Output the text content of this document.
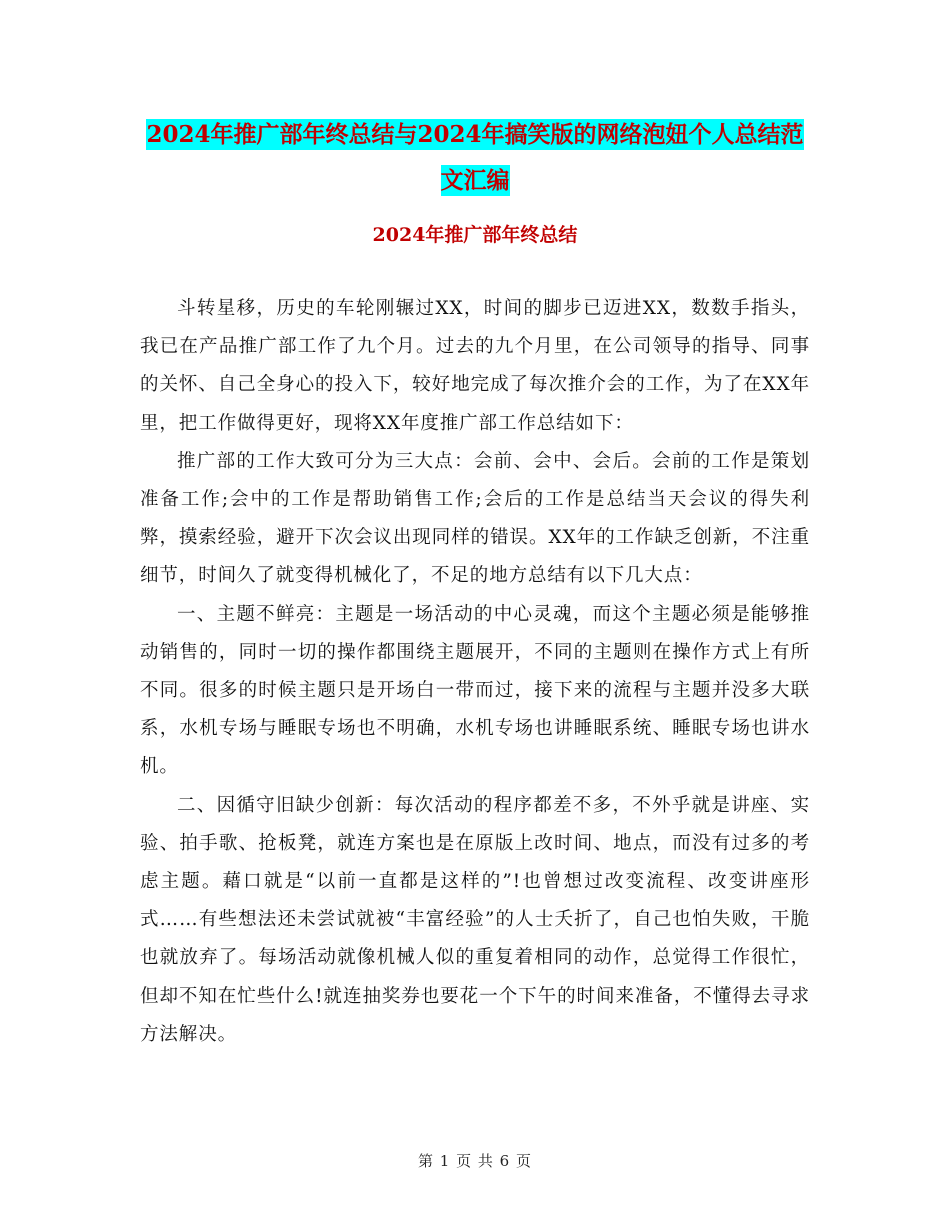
2024年推广部年终总结与2024年搞笑版的网络泡妞个人总结范文汇编
2024年推广部年终总结

斗转星移，历史的车轮刚辗过XX，时间的脚步已迈进XX，数数手指头，我已在产品推广部工作了九个月。过去的九个月里，在公司领导的指导、同事的关怀、自己全身心的投入下，较好地完成了每次推介会的工作，为了在XX年里，把工作做得更好，现将XX年度推广部工作总结如下：

推广部的工作大致可分为三大点：会前、会中、会后。会前的工作是策划准备工作;会中的工作是帮助销售工作;会后的工作是总结当天会议的得失利弊，摸索经验，避开下次会议出现同样的错误。XX年的工作缺乏创新，不注重细节，时间久了就变得机械化了，不足的地方总结有以下几大点：

一、主题不鲜亮：主题是一场活动的中心灵魂，而这个主题必须是能够推动销售的，同时一切的操作都围绕主题展开，不同的主题则在操作方式上有所不同。很多的时候主题只是开场白一带而过，接下来的流程与主题并没多大联系，水机专场与睡眠专场也不明确，水机专场也讲睡眠系统、睡眠专场也讲水机。

二、因循守旧缺少创新：每次活动的程序都差不多，不外乎就是讲座、实验、拍手歌、抢板凳，就连方案也是在原版上改时间、地点，而没有过多的考虑主题。藉口就是“以前一直都是这样的”!也曾想过改变流程、改变讲座形式……有些想法还未尝试就被“丰富经验”的人士夭折了，自己也怕失败，干脆也就放弃了。每场活动就像机械人似的重复着相同的动作，总觉得工作很忙，但却不知在忙些什么!就连抽奖券也要花一个下午的时间来准备，不懂得去寻求方法解决。

第 1 页 共 6 页
